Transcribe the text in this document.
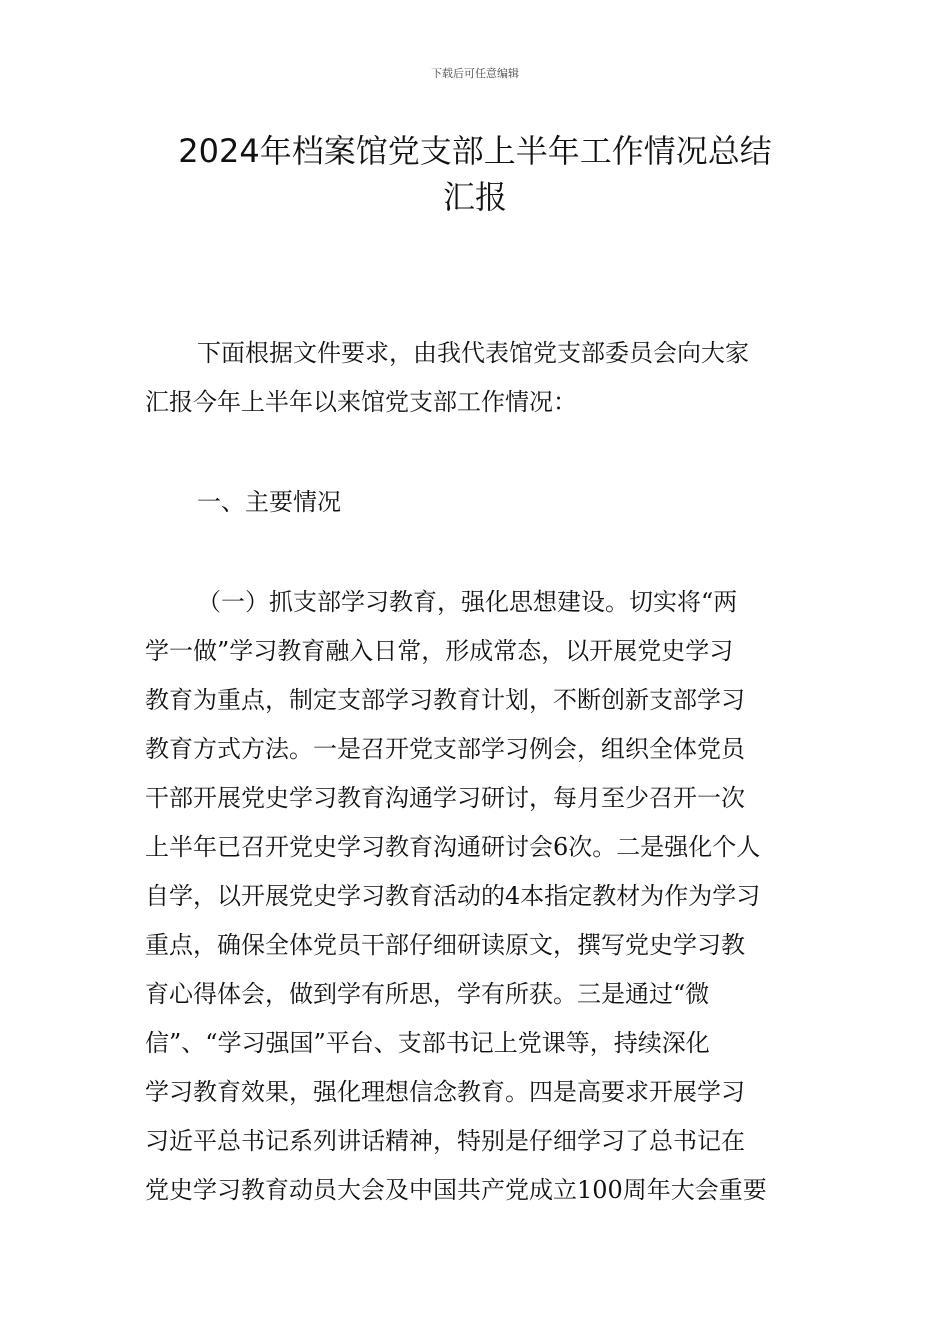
下载后可任意编辑
2024年档案馆党支部上半年工作情况总结
汇报
下面根据文件要求，由我代表馆党支部委员会向大家
汇报今年上半年以来馆党支部工作情况：
一、主要情况
（一）抓支部学习教育，强化思想建设。切实将“两
学一做”学习教育融入日常，形成常态，以开展党史学习
教育为重点，制定支部学习教育计划，不断创新支部学习
教育方式方法。一是召开党支部学习例会，组织全体党员
干部开展党史学习教育沟通学习研讨，每月至少召开一次
上半年已召开党史学习教育沟通研讨会6次。二是强化个人
自学，以开展党史学习教育活动的4本指定教材为作为学习
重点，确保全体党员干部仔细研读原文，撰写党史学习教
育心得体会，做到学有所思，学有所获。三是通过“微
信”、“学习强国”平台、支部书记上党课等，持续深化
学习教育效果，强化理想信念教育。四是高要求开展学习
习近平总书记系列讲话精神，特别是仔细学习了总书记在
党史学习教育动员大会及中国共产党成立100周年大会重要
